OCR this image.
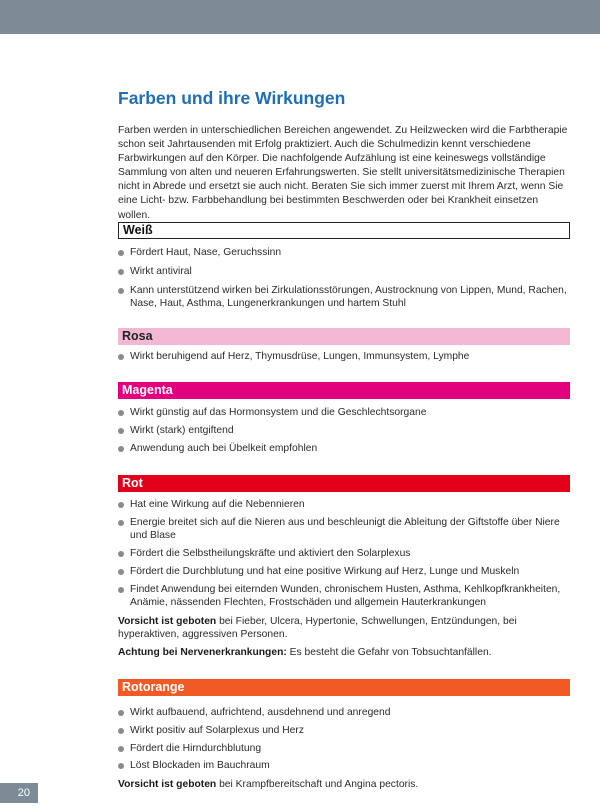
Farben und ihre Wirkungen

Farben werden in unterschiedlichen Bereichen angewendet. Zu Heilzwecken wird die Farbtherapie schon seit Jahrtausenden mit Erfolg praktiziert. Auch die Schulmedizin kennt verschiedene Farbwirkungen auf den Körper. Die nachfolgende Aufzählung ist eine keineswegs vollständige Sammlung von alten und neueren Erfahrungswerten. Sie stellt universitätsmedizinische Therapien nicht in Abrede und ersetzt sie auch nicht. Beraten Sie sich immer zuerst mit Ihrem Arzt, wenn Sie eine Licht- bzw. Farbbehandlung bei bestimmten Beschwerden oder bei Krankheit einsetzen wollen.

Weiß
Fördert Haut, Nase, Geruchssinn
Wirkt antiviral
Kann unterstützend wirken bei Zirkulationsstörungen, Austrocknung von Lippen, Mund, Rachen, Nase, Haut, Asthma, Lungenerkrankungen und hartem Stuhl
Rosa
Wirkt beruhigend auf Herz, Thymusdrüse, Lungen, Immunsystem, Lymphe
Magenta
Wirkt günstig auf das Hormonsystem und die Geschlechtsorgane
Wirkt (stark) entgiftend
Anwendung auch bei Übelkeit empfohlen
Rot
Hat eine Wirkung auf die Nebennieren
Energie breitet sich auf die Nieren aus und beschleunigt die Ableitung der Giftstoffe über Niere und Blase
Fördert die Selbstheilungskräfte und aktiviert den Solarplexus
Fördert die Durchblutung und hat eine positive Wirkung auf Herz, Lunge und Muskeln
Findet Anwendung bei eiternden Wunden, chronischem Husten, Asthma, Kehlkopfkrankheiten, Anämie, nässenden Flechten, Frostschäden und allgemein Hauterkrankungen

Vorsicht ist geboten bei Fieber, Ulcera, Hypertonie, Schwellungen, Entzündungen, bei hyperaktiven, aggressiven Personen.

Achtung bei Nervenerkrankungen: Es besteht die Gefahr von Tobsuchtanfällen.

Rotorange
Wirkt aufbauend, aufrichtend, ausdehnend und anregend
Wirkt positiv auf Solarplexus und Herz
Fördert die Hirndurchblutung
Löst Blockaden im Bauchraum

Vorsicht ist geboten bei Krampfbereitschaft und Angina pectoris.

20
